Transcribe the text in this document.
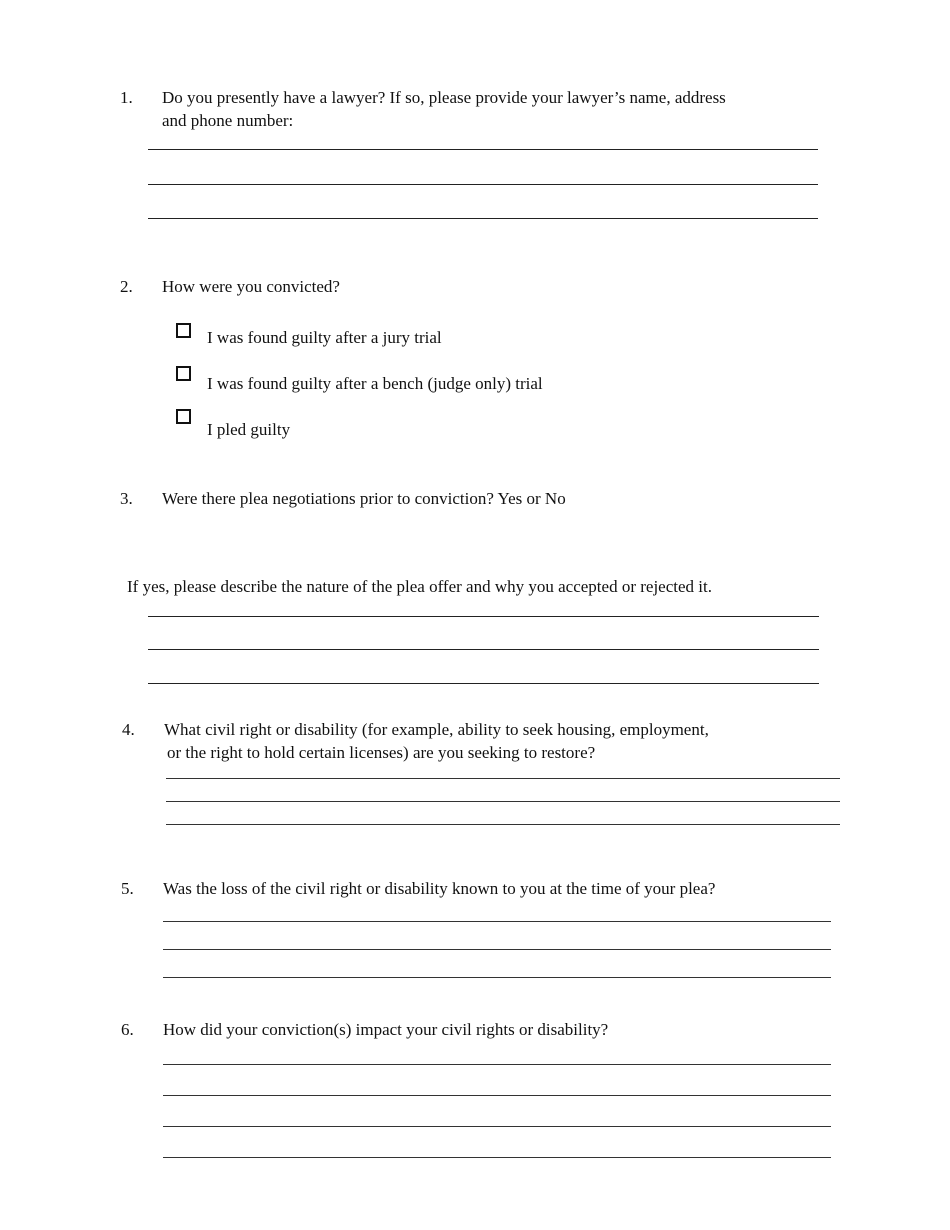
1. Do you presently have a lawyer? If so, please provide your lawyer’s name, address
and phone number:
2. How were you convicted?
I was found guilty after a jury trial
I was found guilty after a bench (judge only) trial
I pled guilty
3. Were there plea negotiations prior to conviction? Yes or No
If yes, please describe the nature of the plea offer and why you accepted or rejected it.
4. What civil right or disability (for example, ability to seek housing, employment,
or the right to hold certain licenses) are you seeking to restore?
5. Was the loss of the civil right or disability known to you at the time of your plea?
6. How did your conviction(s) impact your civil rights or disability?
